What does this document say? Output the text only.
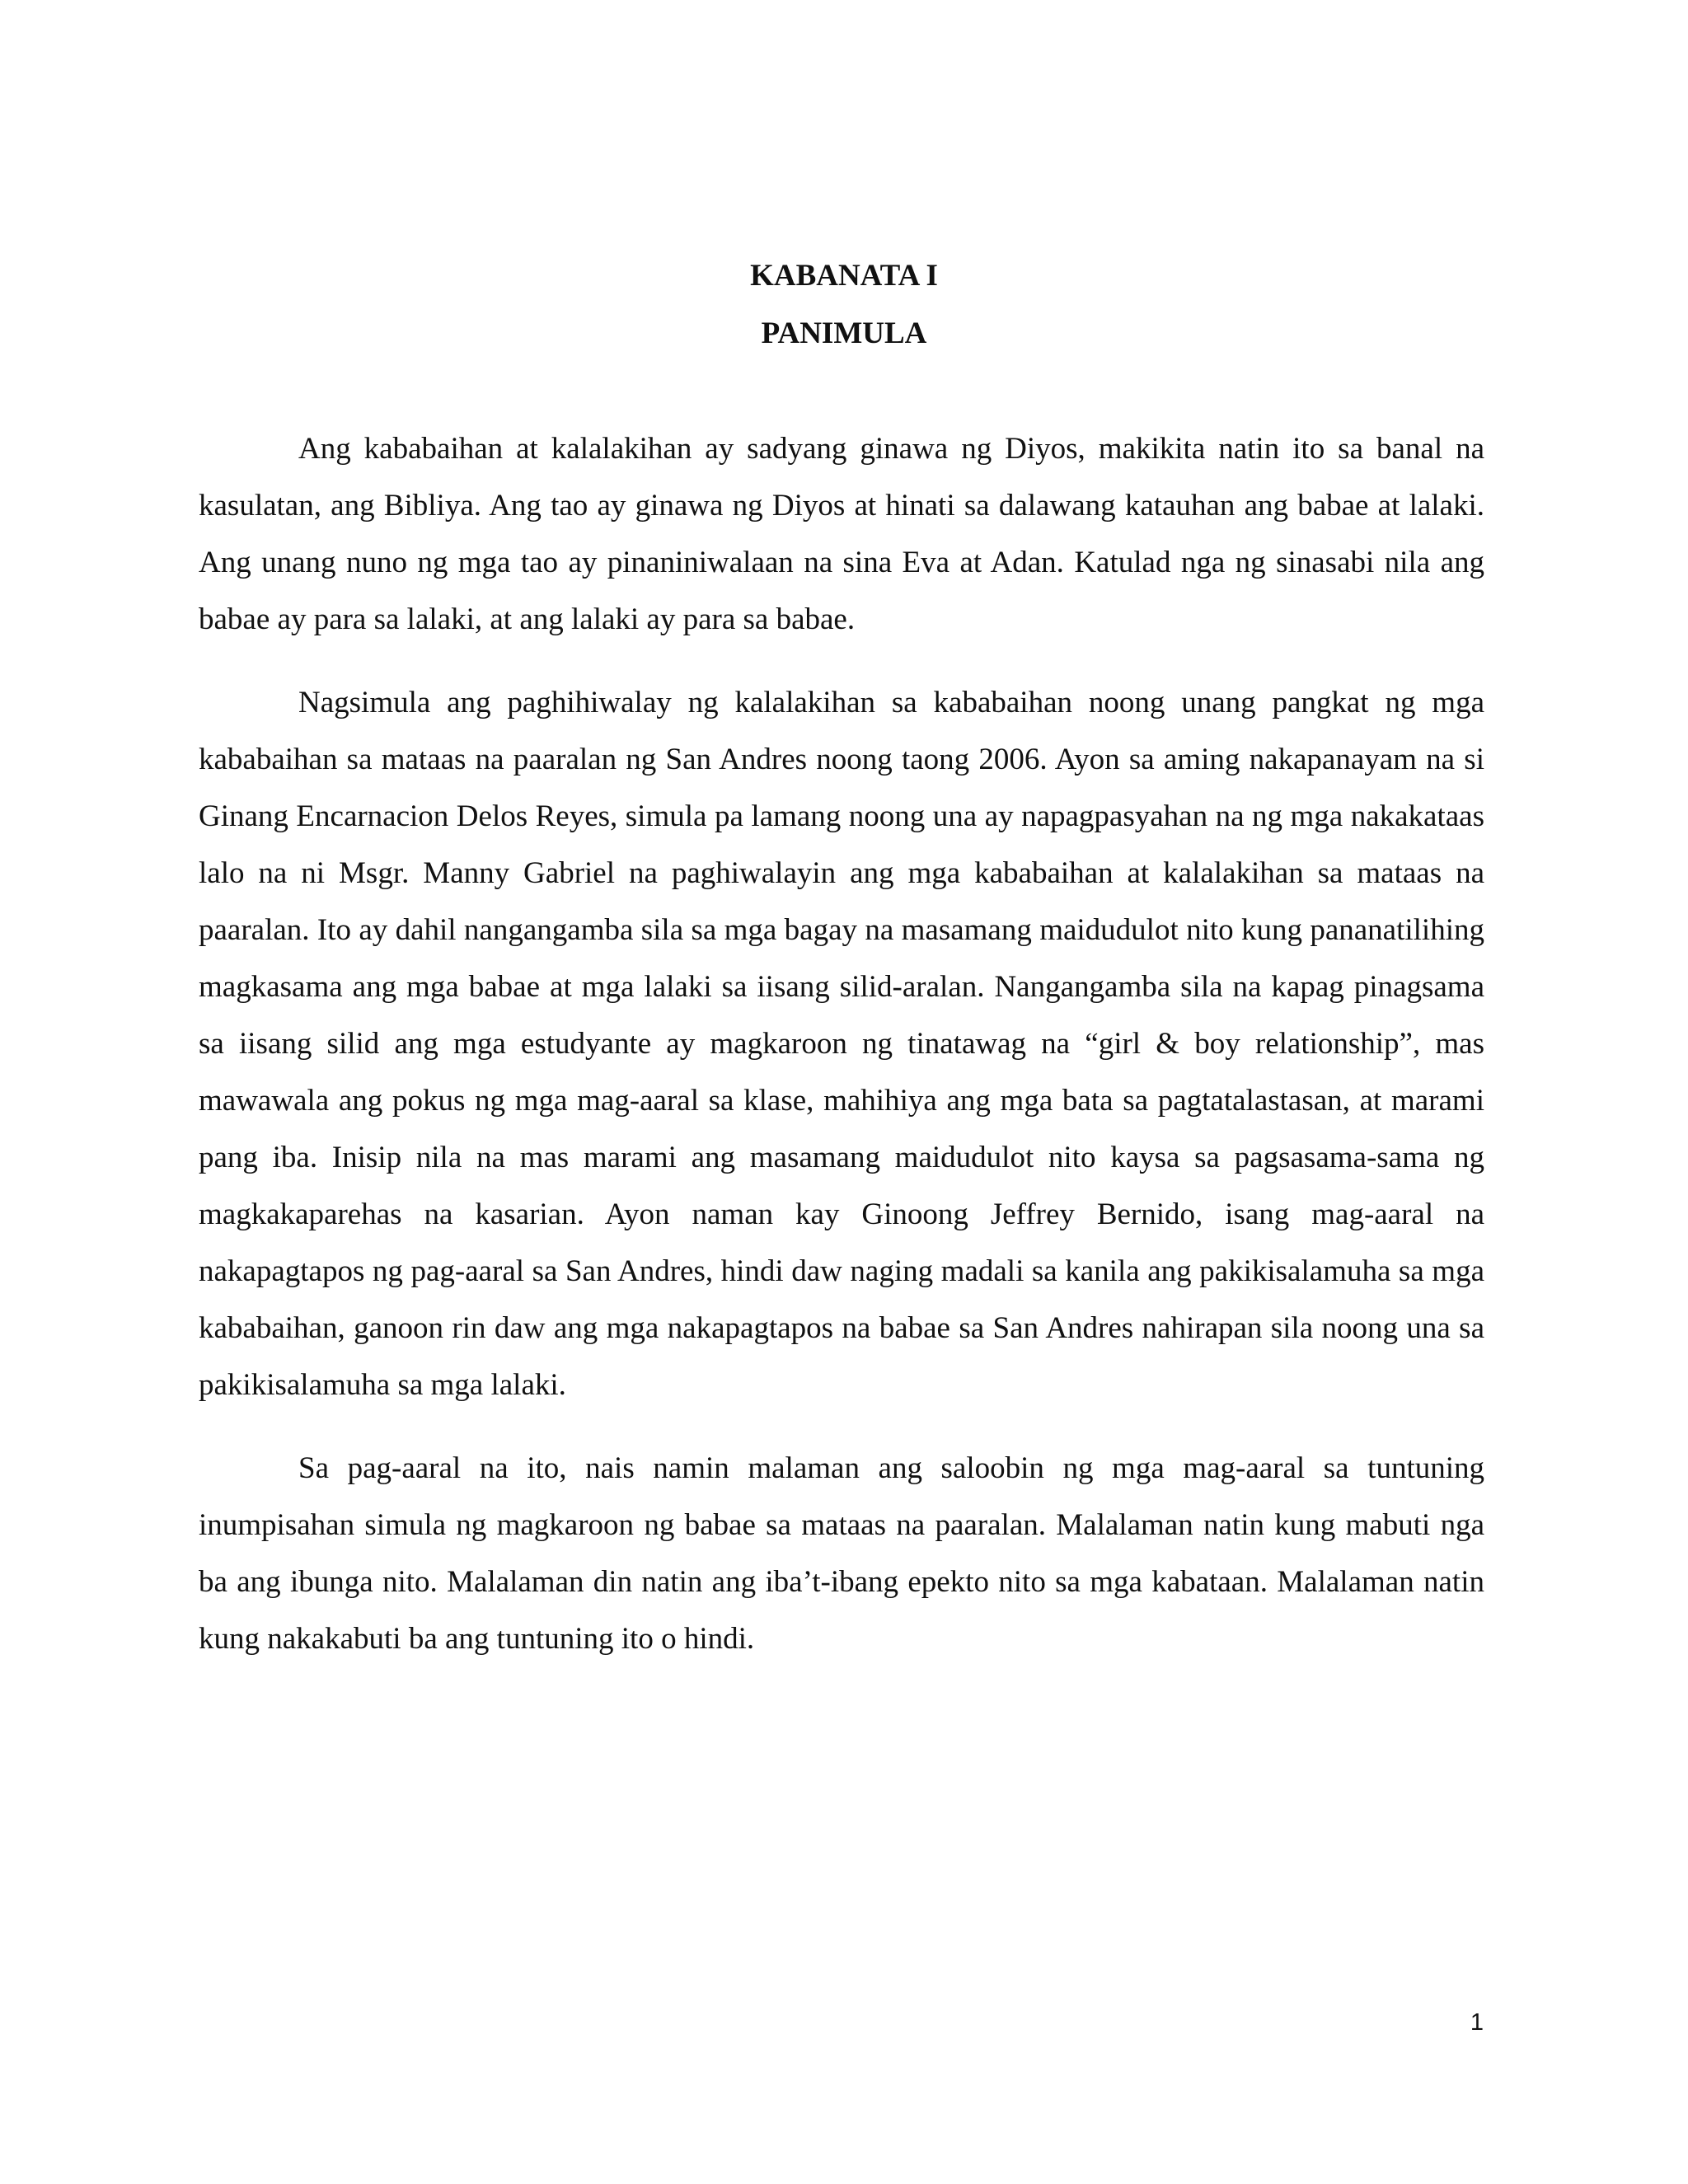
KABANATA I
PANIMULA

Ang kababaihan at kalalakihan ay sadyang ginawa ng Diyos, makikita natin ito sa banal na kasulatan, ang Bibliya. Ang tao ay ginawa ng Diyos at hinati sa dalawang katauhan ang babae at lalaki. Ang unang nuno ng mga tao ay pinaniniwalaan na sina Eva at Adan. Katulad nga ng sinasabi nila ang babae ay para sa lalaki, at ang lalaki ay para sa babae.

Nagsimula ang paghihiwalay ng kalalakihan sa kababaihan noong unang pangkat ng mga kababaihan sa mataas na paaralan ng San Andres noong taong 2006. Ayon sa aming nakapanayam na si Ginang Encarnacion Delos Reyes, simula pa lamang noong una ay napagpasyahan na ng mga nakakataas lalo na ni Msgr. Manny Gabriel na paghiwalayin ang mga kababaihan at kalalakihan sa mataas na paaralan. Ito ay dahil nangangamba sila sa mga bagay na masamang maidudulot nito kung pananatilihing magkasama ang mga babae at mga lalaki sa iisang silid-aralan. Nangangamba sila na kapag pinagsama sa iisang silid ang mga estudyante ay magkaroon ng tinatawag na “girl & boy relationship”, mas mawawala ang pokus ng mga mag-aaral sa klase, mahihiya ang mga bata sa pagtatalastasan, at marami pang iba. Inisip nila na mas marami ang masamang maidudulot nito kaysa sa pagsasama-sama ng magkakaparehas na kasarian. Ayon naman kay Ginoong Jeffrey Bernido, isang mag-aaral na nakapagtapos ng pag-aaral sa San Andres, hindi daw naging madali sa kanila ang pakikisalamuha sa mga kababaihan, ganoon rin daw ang mga nakapagtapos na babae sa San Andres nahirapan sila noong una sa pakikisalamuha sa mga lalaki.

Sa pag-aaral na ito, nais namin malaman ang saloobin ng mga mag-aaral sa tuntuning inumpisahan simula ng magkaroon ng babae sa mataas na paaralan. Malalaman natin kung mabuti nga ba ang ibunga nito. Malalaman din natin ang iba’t-ibang epekto nito sa mga kabataan. Malalaman natin kung nakakabuti ba ang tuntuning ito o hindi.

1
